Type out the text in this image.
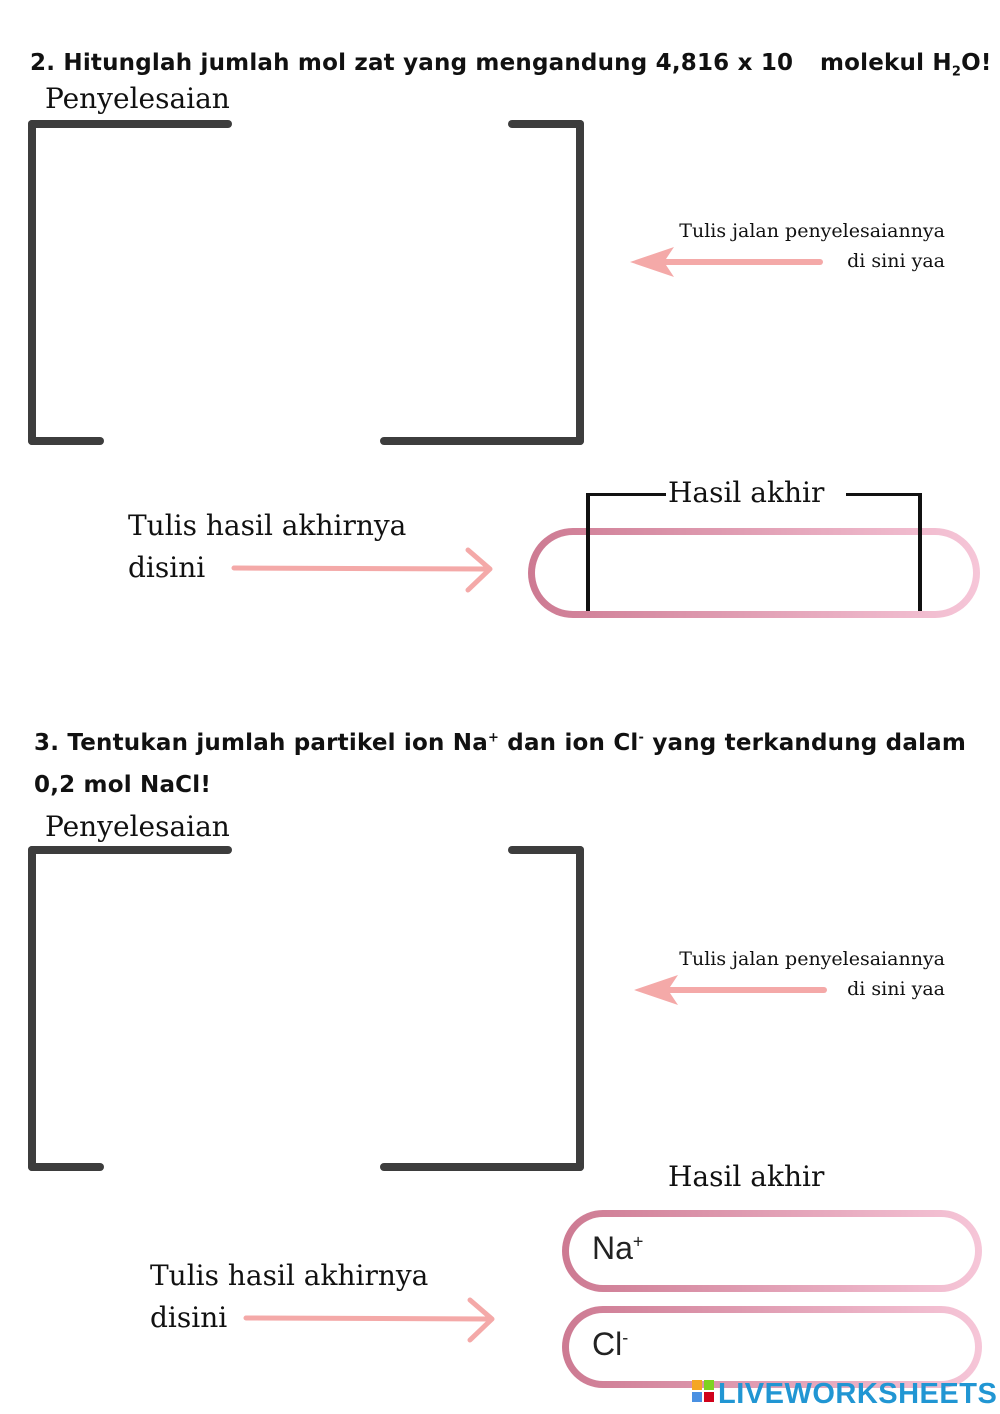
2. Hitunglah jumlah mol zat yang mengandung 4,816 x $10^{23}$ molekul $H_2O$!
Penyelesaian
Tulis jalan penyelesaiannya
di sini yaa
Tulis hasil akhirnya
disini
Hasil akhir
3. Tentukan jumlah partikel ion Na+ dan ion Cl- yang terkandung dalam
0,2 mol NaCl!
Penyelesaian
Tulis jalan penyelesaiannya
di sini yaa
Hasil akhir
Tulis hasil akhirnya
disini
Na+
Cl-
LIVEWORKSHEETS
